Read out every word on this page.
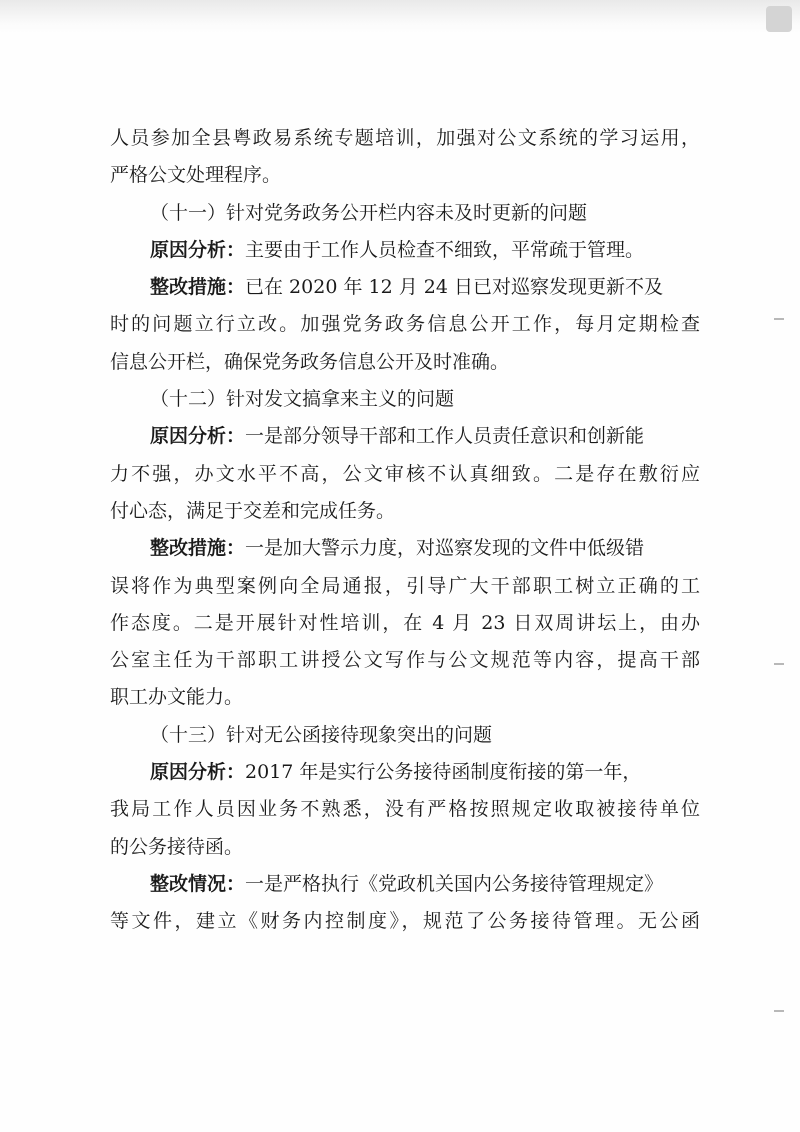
人员参加全县粤政易系统专题培训，加强对公文系统的学习运用，
严格公文处理程序。
（十一）针对党务政务公开栏内容未及时更新的问题
原因分析：主要由于工作人员检查不细致，平常疏于管理。
整改措施：已在 2020 年 12 月 24 日已对巡察发现更新不及
时的问题立行立改。加强党务政务信息公开工作，每月定期检查
信息公开栏，确保党务政务信息公开及时准确。
（十二）针对发文搞拿来主义的问题
原因分析：一是部分领导干部和工作人员责任意识和创新能
力不强，办文水平不高，公文审核不认真细致。二是存在敷衍应
付心态，满足于交差和完成任务。
整改措施：一是加大警示力度，对巡察发现的文件中低级错
误将作为典型案例向全局通报，引导广大干部职工树立正确的工
作态度。二是开展针对性培训，在 4 月 23 日双周讲坛上，由办
公室主任为干部职工讲授公文写作与公文规范等内容，提高干部
职工办文能力。
（十三）针对无公函接待现象突出的问题
原因分析：2017 年是实行公务接待函制度衔接的第一年，
我局工作人员因业务不熟悉，没有严格按照规定收取被接待单位
的公务接待函。
整改情况：一是严格执行《党政机关国内公务接待管理规定》
等文件，建立《财务内控制度》，规范了公务接待管理。无公函
